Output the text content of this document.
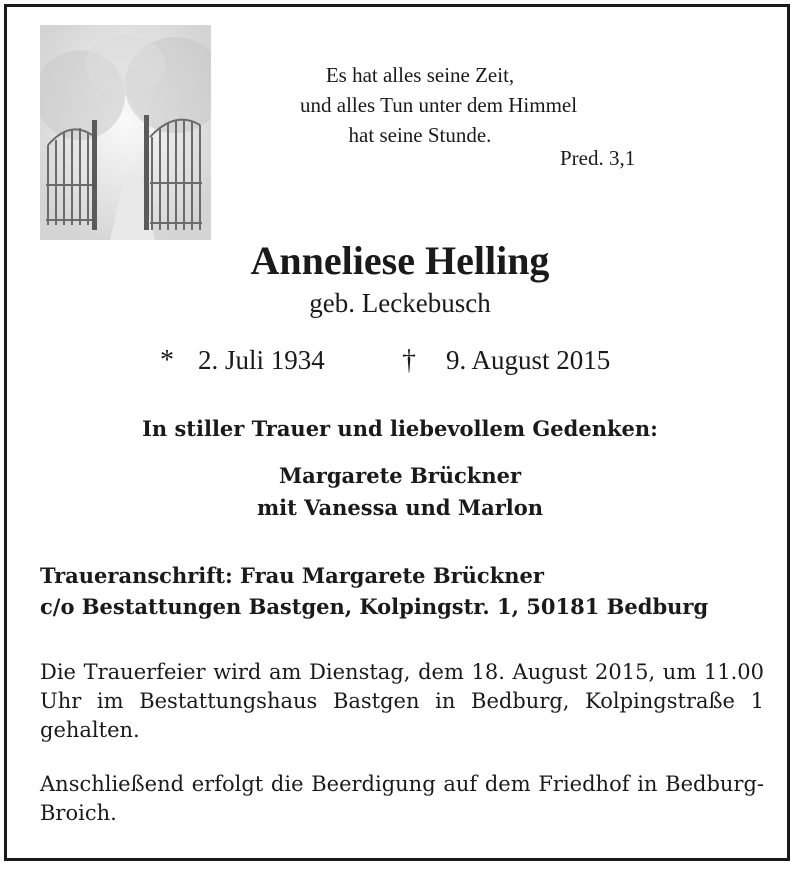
Es hat alles seine Zeit,
und alles Tun unter dem Himmel
hat seine Stunde.
Pred. 3,1
Anneliese Helling
geb. Leckebusch
* 2. Juli 1934	† 9. August 2015
In stiller Trauer und liebevollem Gedenken:
Margarete Brückner
mit Vanessa und Marlon
Traueranschrift: Frau Margarete Brückner
c/o Bestattungen Bastgen, Kolpingstr. 1, 50181 Bedburg
Die Trauerfeier wird am Dienstag, dem 18. August 2015, um 11.00 Uhr im Bestattungshaus Bastgen in Bedburg, Kolpingstraße 1 gehalten.
Anschließend erfolgt die Beerdigung auf dem Friedhof in Bedburg-Broich.
